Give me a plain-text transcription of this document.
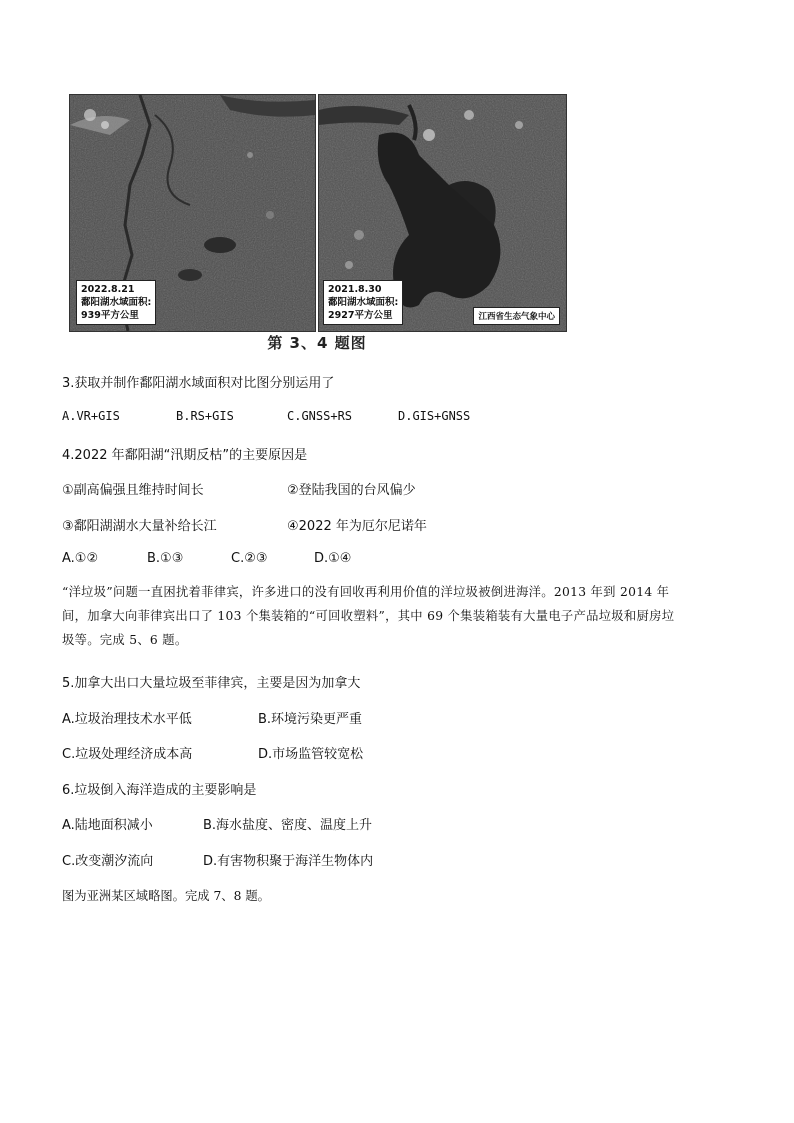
2022.8.21
鄱阳湖水域面积:
939平方公里
2021.8.30
鄱阳湖水域面积:
2927平方公里	江西省生态气象中心
第 3、4 题图
3.获取并制作鄱阳湖水域面积对比图分别运用了
A.VR+GIS	B.RS+GIS	C.GNSS+RS	D.GIS+GNSS
4.2022 年鄱阳湖“汛期反枯”的主要原因是
①副高偏强且维持时间长	②登陆我国的台风偏少
③鄱阳湖湖水大量补给长江	④2022 年为厄尔尼诺年
A.①②	B.①③	C.②③	D.①④
“洋垃圾”问题一直困扰着菲律宾，许多进口的没有回收再利用价值的洋垃圾被倒进海洋。2013 年到 2014 年
间，加拿大向菲律宾出口了 103 个集装箱的“可回收塑料”，其中 69 个集装箱装有大量电子产品垃圾和厨房垃
圾等。完成 5、6 题。
5.加拿大出口大量垃圾至菲律宾，主要是因为加拿大
A.垃圾治理技术水平低	B.环境污染更严重
C.垃圾处理经济成本高	D.市场监管较宽松
6.垃圾倒入海洋造成的主要影响是
A.陆地面积减小	B.海水盐度、密度、温度上升
C.改变潮汐流向	D.有害物积聚于海洋生物体内
图为亚洲某区域略图。完成 7、8 题。
